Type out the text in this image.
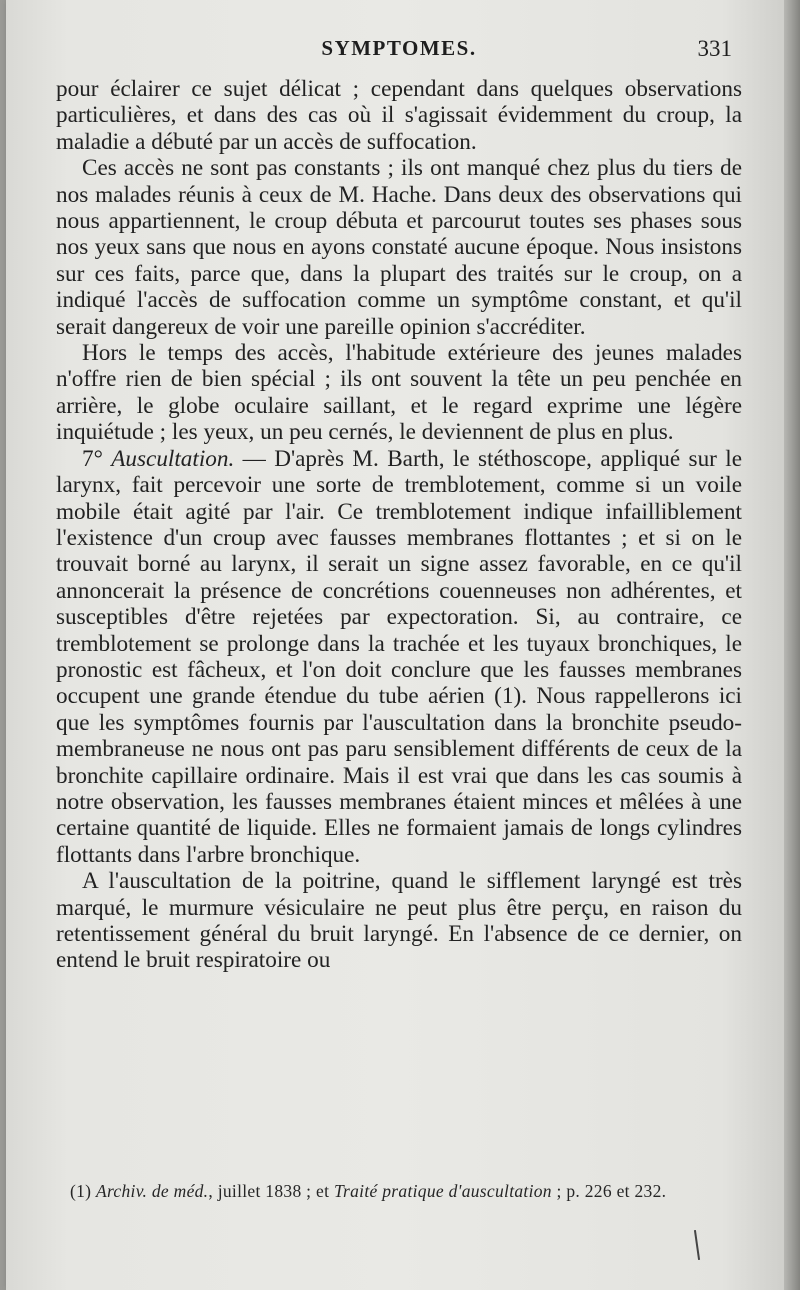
SYMPTOMES.	331

pour éclairer ce sujet délicat ; cependant dans quelques observations particulières, et dans des cas où il s'agissait évidemment du croup, la maladie a débuté par un accès de suffocation.

Ces accès ne sont pas constants ; ils ont manqué chez plus du tiers de nos malades réunis à ceux de M. Hache. Dans deux des observations qui nous appartiennent, le croup débuta et parcourut toutes ses phases sous nos yeux sans que nous en ayons constaté aucune époque. Nous insistons sur ces faits, parce que, dans la plupart des traités sur le croup, on a indiqué l'accès de suffocation comme un symptôme constant, et qu'il serait dangereux de voir une pareille opinion s'accréditer.

Hors le temps des accès, l'habitude extérieure des jeunes malades n'offre rien de bien spécial ; ils ont souvent la tête un peu penchée en arrière, le globe oculaire saillant, et le regard exprime une légère inquiétude ; les yeux, un peu cernés, le deviennent de plus en plus.

7° Auscultation. — D'après M. Barth, le stéthoscope, appliqué sur le larynx, fait percevoir une sorte de tremblotement, comme si un voile mobile était agité par l'air. Ce tremblotement indique infailliblement l'existence d'un croup avec fausses membranes flottantes ; et si on le trouvait borné au larynx, il serait un signe assez favorable, en ce qu'il annoncerait la présence de concrétions couenneuses non adhérentes, et susceptibles d'être rejetées par expectoration. Si, au contraire, ce tremblotement se prolonge dans la trachée et les tuyaux bronchiques, le pronostic est fâcheux, et l'on doit conclure que les fausses membranes occupent une grande étendue du tube aérien (1). Nous rappellerons ici que les symptômes fournis par l'auscultation dans la bronchite pseudo-membraneuse ne nous ont pas paru sensiblement différents de ceux de la bronchite capillaire ordinaire. Mais il est vrai que dans les cas soumis à notre observation, les fausses membranes étaient minces et mêlées à une certaine quantité de liquide. Elles ne formaient jamais de longs cylindres flottants dans l'arbre bronchique.

A l'auscultation de la poitrine, quand le sifflement laryngé est très marqué, le murmure vésiculaire ne peut plus être perçu, en raison du retentissement général du bruit laryngé. En l'absence de ce dernier, on entend le bruit respiratoire ou

(1) Archiv. de méd., juillet 1838 ; et Traité pratique d'auscultation ; p. 226 et 232.
